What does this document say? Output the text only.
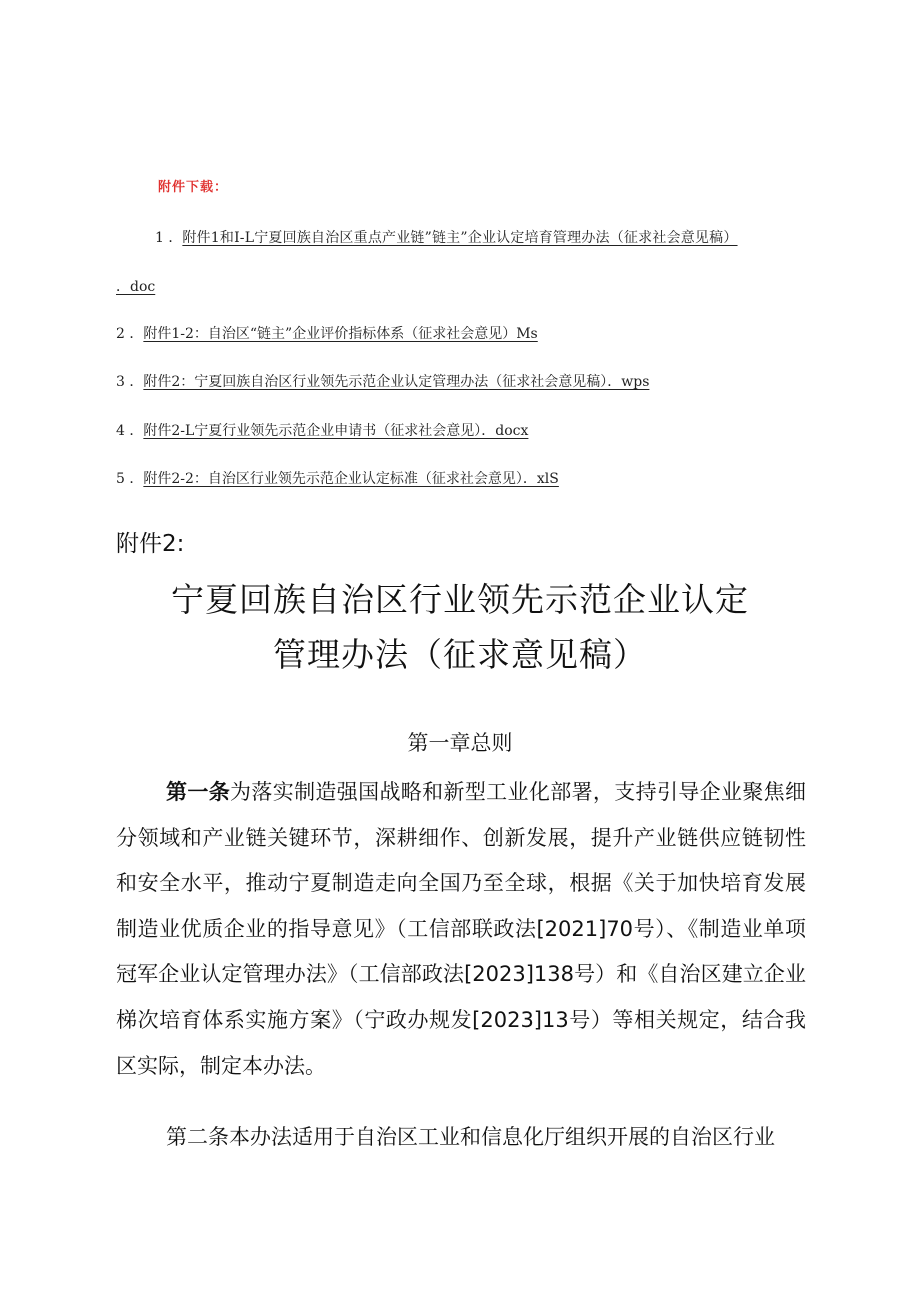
附件下载：
1 ．附件1和I-L宁夏回族自治区重点产业链”链主”企业认定培育管理办法（征求社会意见稿）
．doc
2 ．附件1-2：自治区“链主”企业评价指标体系（征求社会意见）Ms
3 ．附件2：宁夏回族自治区行业领先示范企业认定管理办法（征求社会意见稿）．wps
4 ．附件2-L宁夏行业领先示范企业申请书（征求社会意见）．docx
5 ．附件2-2：自治区行业领先示范企业认定标准（征求社会意见）．xlS
附件2:
宁夏回族自治区行业领先示范企业认定
管理办法（征求意见稿）
第一章总则
第一条为落实制造强国战略和新型工业化部署，支持引导企业聚焦细分领域和产业链关键环节，深耕细作、创新发展，提升产业链供应链韧性和安全水平，推动宁夏制造走向全国乃至全球，根据《关于加快培育发展制造业优质企业的指导意见》（工信部联政法[2021]70号）、《制造业单项冠军企业认定管理办法》（工信部政法[2023]138号）和《自治区建立企业梯次培育体系实施方案》（宁政办规发[2023]13号）等相关规定，结合我区实际，制定本办法。
第二条本办法适用于自治区工业和信息化厅组织开展的自治区行业
